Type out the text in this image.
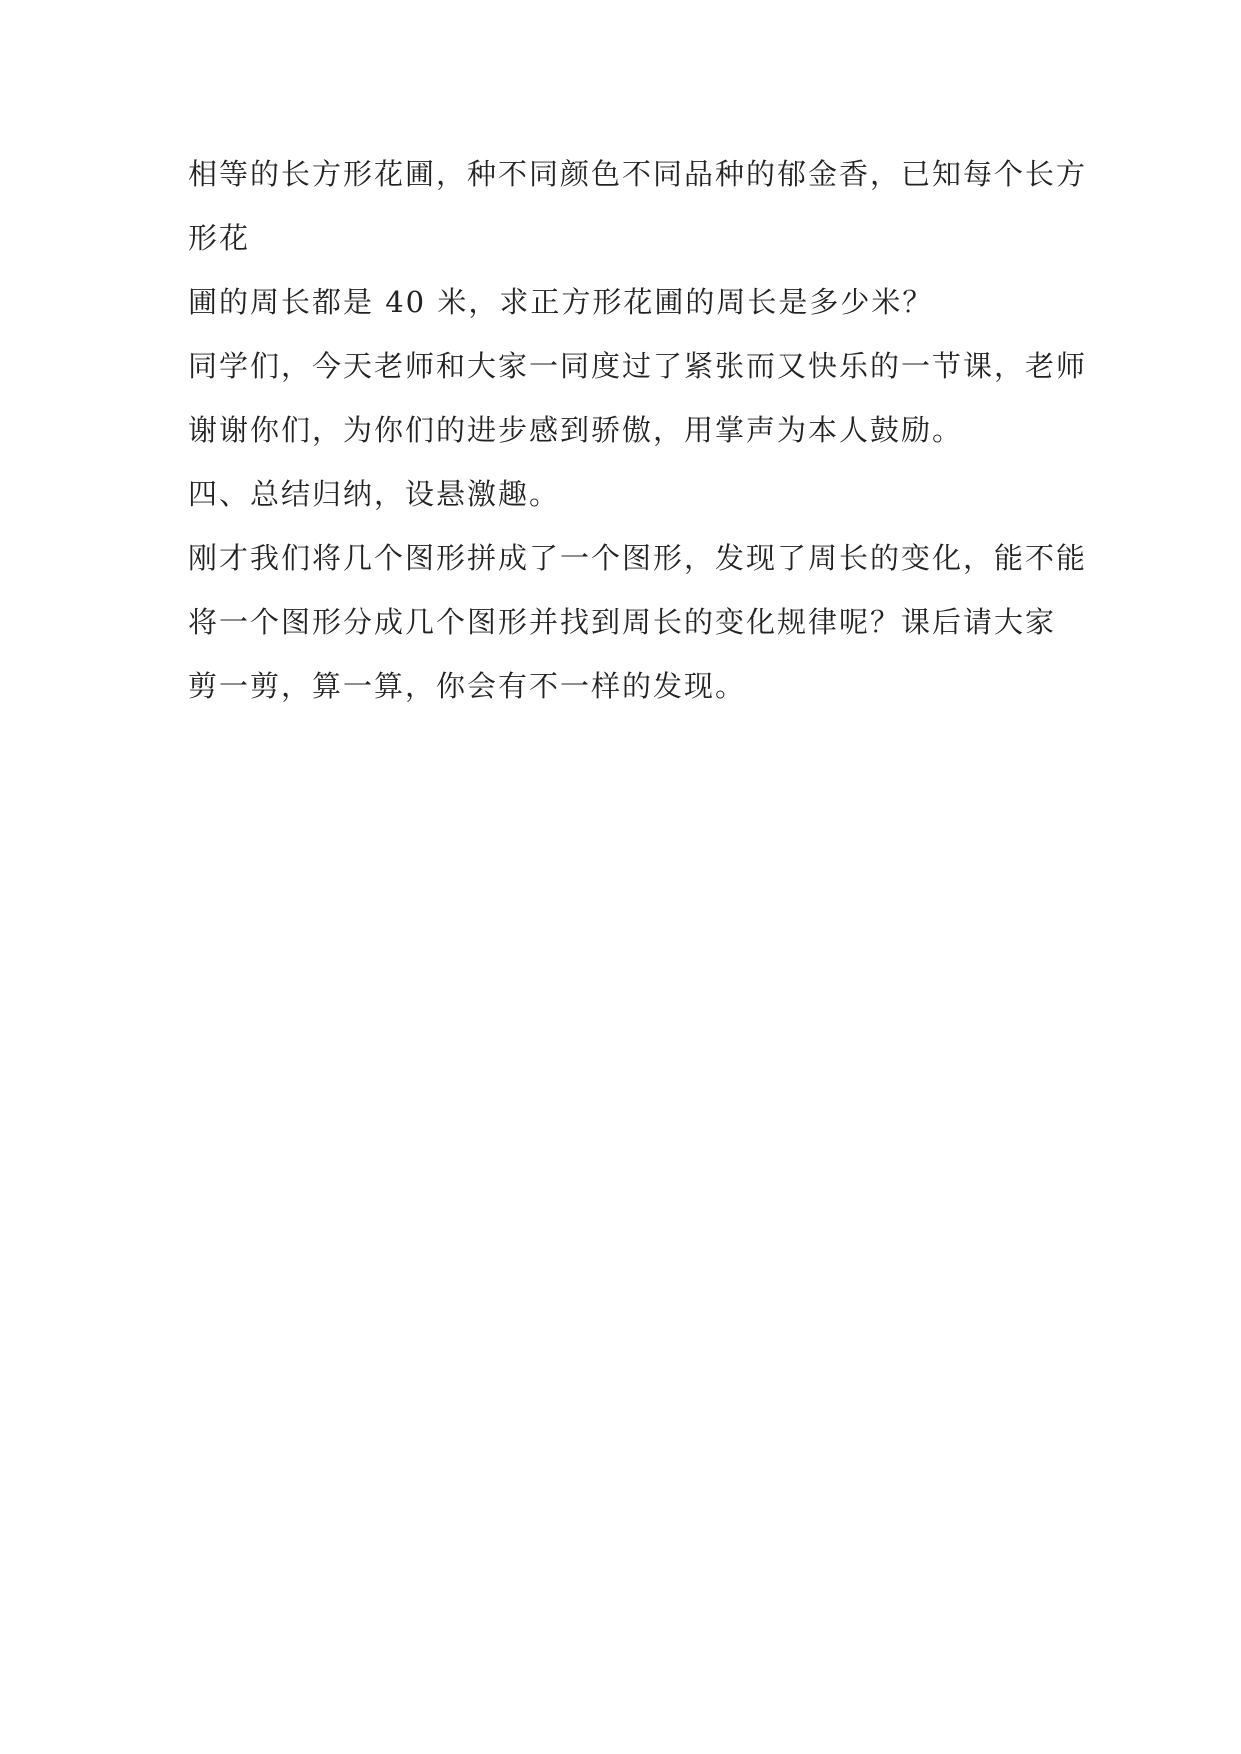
相等的长方形花圃，种不同颜色不同品种的郁金香，已知每个长方
形花
圃的周长都是 40 米，求正方形花圃的周长是多少米？
同学们，今天老师和大家一同度过了紧张而又快乐的一节课，老师
谢谢你们，为你们的进步感到骄傲，用掌声为本人鼓励。
四、总结归纳，设悬激趣。
刚才我们将几个图形拼成了一个图形，发现了周长的变化，能不能
将一个图形分成几个图形并找到周长的变化规律呢？课后请大家
剪一剪，算一算，你会有不一样的发现。
